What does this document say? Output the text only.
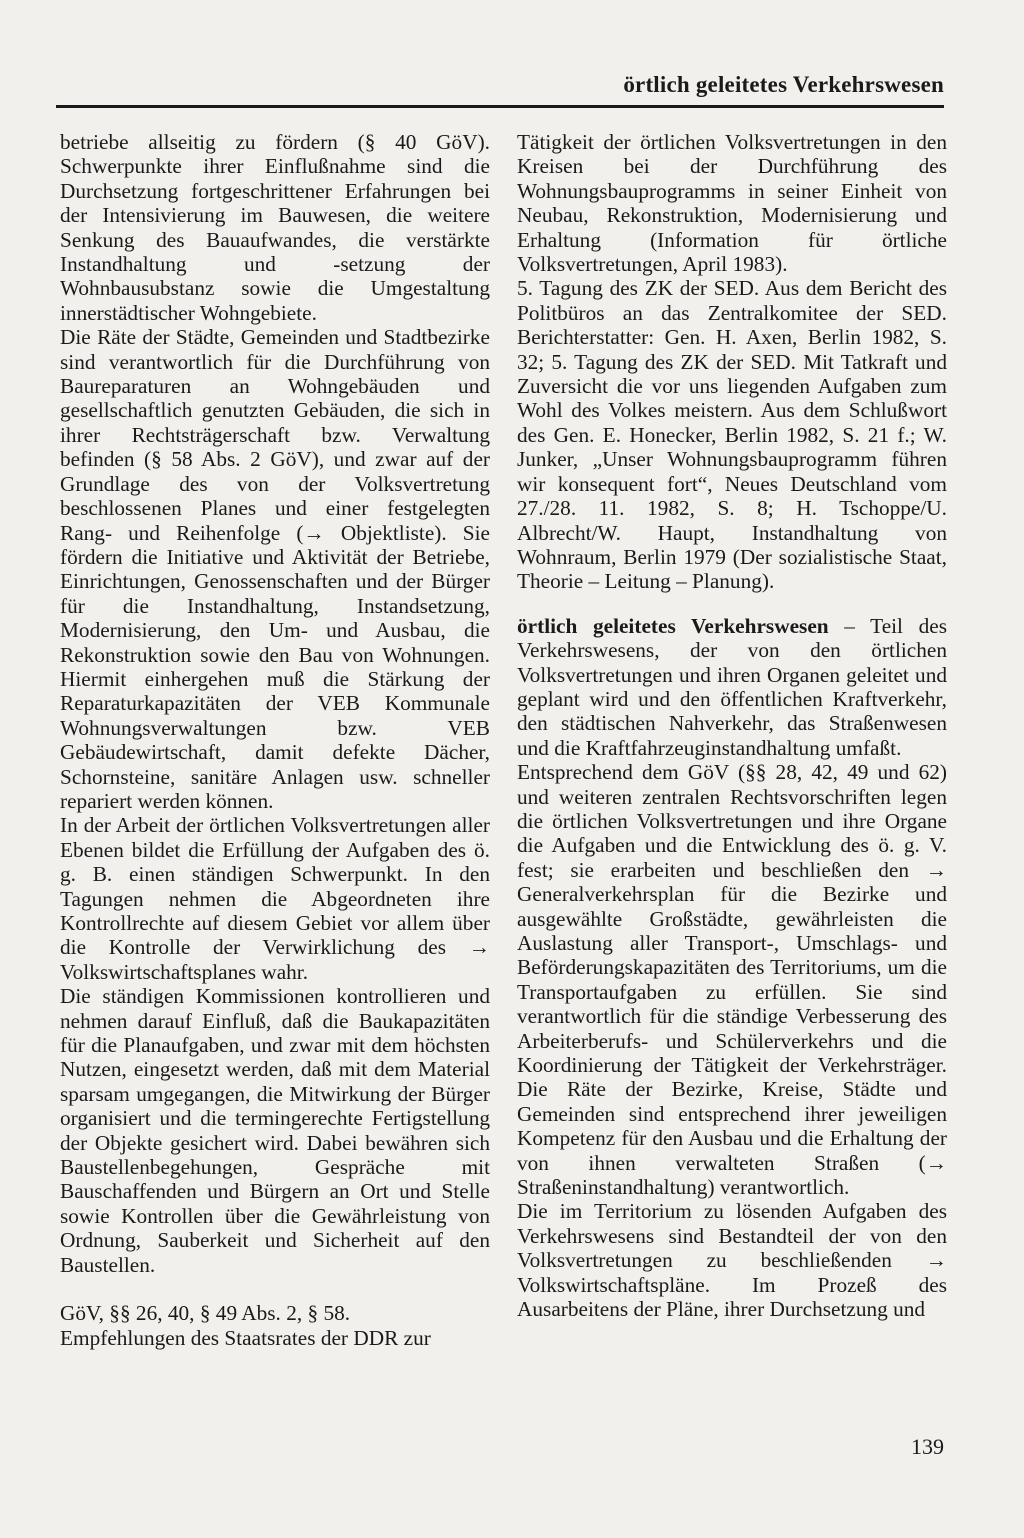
örtlich geleitetes Verkehrswesen

betriebe allseitig zu fördern (§ 40 GöV). Schwerpunkte ihrer Einflußnahme sind die Durchsetzung fortgeschrittener Erfahrungen bei der Intensivierung im Bauwesen, die weitere Senkung des Bauaufwandes, die verstärkte Instandhaltung und -setzung der Wohnbausubstanz sowie die Umgestaltung innerstädtischer Wohngebiete.

Die Räte der Städte, Gemeinden und Stadtbezirke sind verantwortlich für die Durchführung von Baureparaturen an Wohngebäuden und gesellschaftlich genutzten Gebäuden, die sich in ihrer Rechtsträgerschaft bzw. Verwaltung befinden (§ 58 Abs. 2 GöV), und zwar auf der Grundlage des von der Volksvertretung beschlossenen Planes und einer festgelegten Rang- und Reihenfolge (→ Objektliste). Sie fördern die Initiative und Aktivität der Betriebe, Einrichtungen, Genossenschaften und der Bürger für die Instandhaltung, Instandsetzung, Modernisierung, den Um- und Ausbau, die Rekonstruktion sowie den Bau von Wohnungen. Hiermit einhergehen muß die Stärkung der Reparaturkapazitäten der VEB Kommunale Wohnungsverwaltungen bzw. VEB Gebäudewirtschaft, damit defekte Dächer, Schornsteine, sanitäre Anlagen usw. schneller repariert werden können.

In der Arbeit der örtlichen Volksvertretungen aller Ebenen bildet die Erfüllung der Aufgaben des ö. g. B. einen ständigen Schwerpunkt. In den Tagungen nehmen die Abgeordneten ihre Kontrollrechte auf diesem Gebiet vor allem über die Kontrolle der Verwirklichung des → Volkswirtschaftsplanes wahr.

Die ständigen Kommissionen kontrollieren und nehmen darauf Einfluß, daß die Baukapazitäten für die Planaufgaben, und zwar mit dem höchsten Nutzen, eingesetzt werden, daß mit dem Material sparsam umgegangen, die Mitwirkung der Bürger organisiert und die termingerechte Fertigstellung der Objekte gesichert wird. Dabei bewähren sich Baustellenbegehungen, Gespräche mit Bauschaffenden und Bürgern an Ort und Stelle sowie Kontrollen über die Gewährleistung von Ordnung, Sauberkeit und Sicherheit auf den Baustellen.

GöV, §§ 26, 40, § 49 Abs. 2, § 58.

Empfehlungen des Staatsrates der DDR zur

Tätigkeit der örtlichen Volksvertretungen in den Kreisen bei der Durchführung des Wohnungsbauprogramms in seiner Einheit von Neubau, Rekonstruktion, Modernisierung und Erhaltung (Information für örtliche Volksvertretungen, April 1983).

5. Tagung des ZK der SED. Aus dem Bericht des Politbüros an das Zentralkomitee der SED. Berichterstatter: Gen. H. Axen, Berlin 1982, S. 32; 5. Tagung des ZK der SED. Mit Tatkraft und Zuversicht die vor uns liegenden Aufgaben zum Wohl des Volkes meistern. Aus dem Schlußwort des Gen. E. Honecker, Berlin 1982, S. 21 f.; W. Junker, „Unser Wohnungsbauprogramm führen wir konsequent fort“, Neues Deutschland vom 27./28. 11. 1982, S. 8; H. Tschoppe/U. Albrecht/W. Haupt, Instandhaltung von Wohnraum, Berlin 1979 (Der sozialistische Staat, Theorie – Leitung – Planung).

örtlich geleitetes Verkehrswesen – Teil des Verkehrswesens, der von den örtlichen Volksvertretungen und ihren Organen geleitet und geplant wird und den öffentlichen Kraftverkehr, den städtischen Nahverkehr, das Straßenwesen und die Kraftfahrzeuginstandhaltung umfaßt.

Entsprechend dem GöV (§§ 28, 42, 49 und 62) und weiteren zentralen Rechtsvorschriften legen die örtlichen Volksvertretungen und ihre Organe die Aufgaben und die Entwicklung des ö. g. V. fest; sie erarbeiten und beschließen den → Generalverkehrsplan für die Bezirke und ausgewählte Großstädte, gewährleisten die Auslastung aller Transport-, Umschlags- und Beförderungskapazitäten des Territoriums, um die Transportaufgaben zu erfüllen. Sie sind verantwortlich für die ständige Verbesserung des Arbeiterberufs- und Schülerverkehrs und die Koordinierung der Tätigkeit der Verkehrsträger. Die Räte der Bezirke, Kreise, Städte und Gemeinden sind entsprechend ihrer jeweiligen Kompetenz für den Ausbau und die Erhaltung der von ihnen verwalteten Straßen (→ Straßeninstandhaltung) verantwortlich.

Die im Territorium zu lösenden Aufgaben des Verkehrswesens sind Bestandteil der von den Volksvertretungen zu beschließenden → Volkswirtschaftspläne. Im Prozeß des Ausarbeitens der Pläne, ihrer Durchsetzung und

139
